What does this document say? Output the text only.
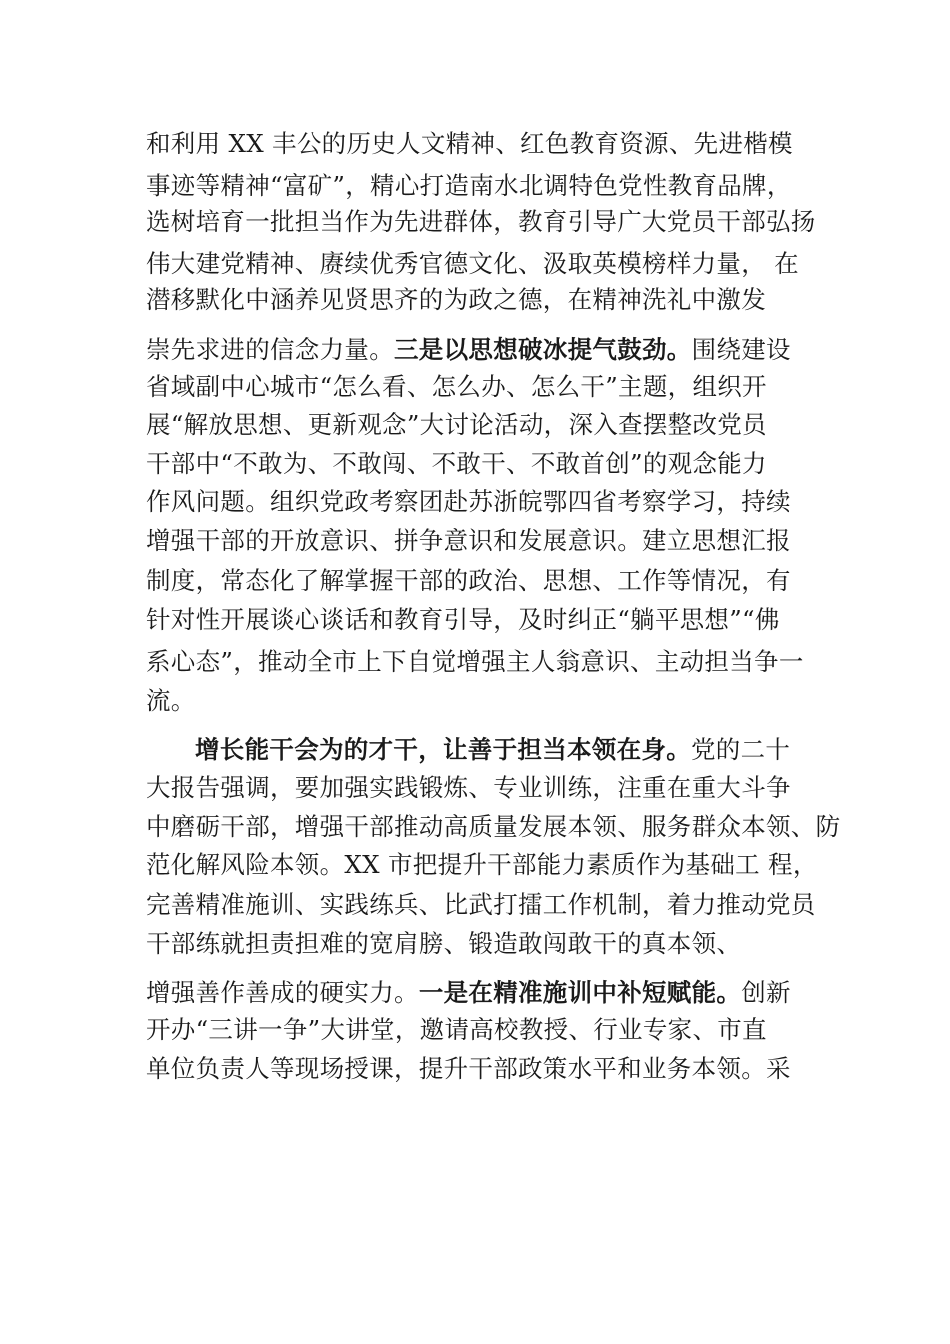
和利用 XX 丰公的历史人文精神、红色教育资源、先进楷模
事迹等精神“富矿”，精心打造南水北调特色党性教育品牌，
选树培育一批担当作为先进群体，教育引导广大党员干部弘扬
伟大建党精神、赓续优秀官德文化、汲取英模榜样力量， 在
潜移默化中涵养见贤思齐的为政之德，在精神洗礼中激发
崇先求进的信念力量。三是以思想破冰提气鼓劲。围绕建设
省域副中心城市“怎么看、怎么办、怎么干”主题，组织开
展“解放思想、更新观念”大讨论活动，深入查摆整改党员
干部中“不敢为、不敢闯、不敢干、不敢首创”的观念能力
作风问题。组织党政考察团赴苏浙皖鄂四省考察学习，持续
增强干部的开放意识、拼争意识和发展意识。建立思想汇报
制度，常态化了解掌握干部的政治、思想、工作等情况，有
针对性开展谈心谈话和教育引导，及时纠正“躺平思想”“佛
系心态”，推动全市上下自觉增强主人翁意识、主动担当争一
流。
增长能干会为的才干，让善于担当本领在身。党的二十
大报告强调，要加强实践锻炼、专业训练，注重在重大斗争
中磨砺干部，增强干部推动高质量发展本领、服务群众本领、防
范化解风险本领。XX 市把提升干部能力素质作为基础工 程，
完善精准施训、实践练兵、比武打擂工作机制，着力推动党员
干部练就担责担难的宽肩膀、锻造敢闯敢干的真本领、
增强善作善成的硬实力。一是在精准施训中补短赋能。创新
开办“三讲一争”大讲堂，邀请高校教授、行业专家、市直
单位负责人等现场授课，提升干部政策水平和业务本领。采
